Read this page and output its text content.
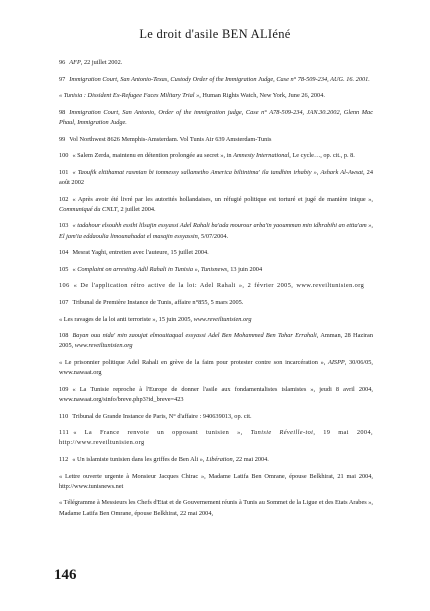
Le droit d'asile BEN ALIéné

96 AFP, 22 juillet 2002.

97 Immigration Court, San Antonio-Texas, Custody Order of the Immigration Judge, Case n° 78-509-234, AUG. 16. 2001.

« Tunisia : Dissident Ex-Refugee Faces Military Trial », Human Rights Watch, New York, June 26, 2004.

98 Immigration Court, San Antonio, Order of the immigration judge, Case n° A78-509-234, JAN.30.2002, Glenn Mac Phaul, Immigration Judge.

99 Vol Northwest 8626 Memphis-Amsterdam. Vol Tunis Air 639 Amsterdam-Tunis

100 « Salem Zerda, maintenu en détention prolongée au secret », in Amnesty International, Le cycle…, op. cit., p. 8.

101 « Taoufik eltithamat rasmian bi tonmessy sallametho America biltintima' ila tandhim irhabiy », Ashark Al-Awsat, 24 août 2002

102 « Après avoir été livré par les autorités hollandaises, un réfugié politique est torturé et jugé de manière inique », Communiqué du CNLT, 2 juillet 2004.

103 « tadahour elsouhh essihi lilsajin essyassi Adel Rahali ba'ada mourour arba'in yaoumman min idhrabihi an ettta'am », El jam'ia eddaoulia limounahadat el masajin essyassin, 5/07/2004.

104 Mesrat Yaghi, entretien avec l'auteure, 15 juillet 2004.

105 « Complaint on arresting Adil Rahali in Tunisia », Tunisnews, 13 juin 2004

106 « De l'application rétro active de la loi: Adel Rahali », 2 février 2005, www.reveiltunisien.org

107 Tribunal de Première Instance de Tunis, affaire n°855, 5 mars 2005.

« Les ravages de la loi anti terroriste », 15 juin 2005, www.reveiltunisien.org

108 Bayan ouu nida' min zaoujat elmouitaqual essyassi Adel Ben Mohammed Ben Tahar Errahali, Amman, 28 Haziran 2005, www.reveiltunisien.org

« Le prisonnier politique Adel Rahali en grève de la faim pour protester contre son incarcération », AISPP, 30/06/05, www.nawaat.org

109 « La Tunisie reproche à l'Europe de donner l'asile aux fondamentalistes islamistes », jeudi 8 avril 2004, www.nawaat.org/sinfo/breve.php3?id_breve=423

110 Tribunal de Grande Instance de Paris, N° d'affaire : 940639013, op. cit.

111 « La France renvoie un opposant tunisien », Tunisie Réveille-toi, 19 mai 2004, http://www.reveiltunisien.org

112 « Un islamiste tunisien dans les griffes de Ben Ali », Libération, 22 mai 2004.

« Lettre ouverte urgente à Monsieur Jacques Chirac », Madame Latifa Ben Omrane, épouse Belkhirat, 21 mai 2004, http://www.tunisnews.net

« Télégramme à Messieurs les Chefs d'Etat et de Gouvernement réunis à Tunis au Sommet de la Ligue et des Etats Arabes », Madame Latifa Ben Omrane, épouse Belkhirat, 22 mai 2004,

146
